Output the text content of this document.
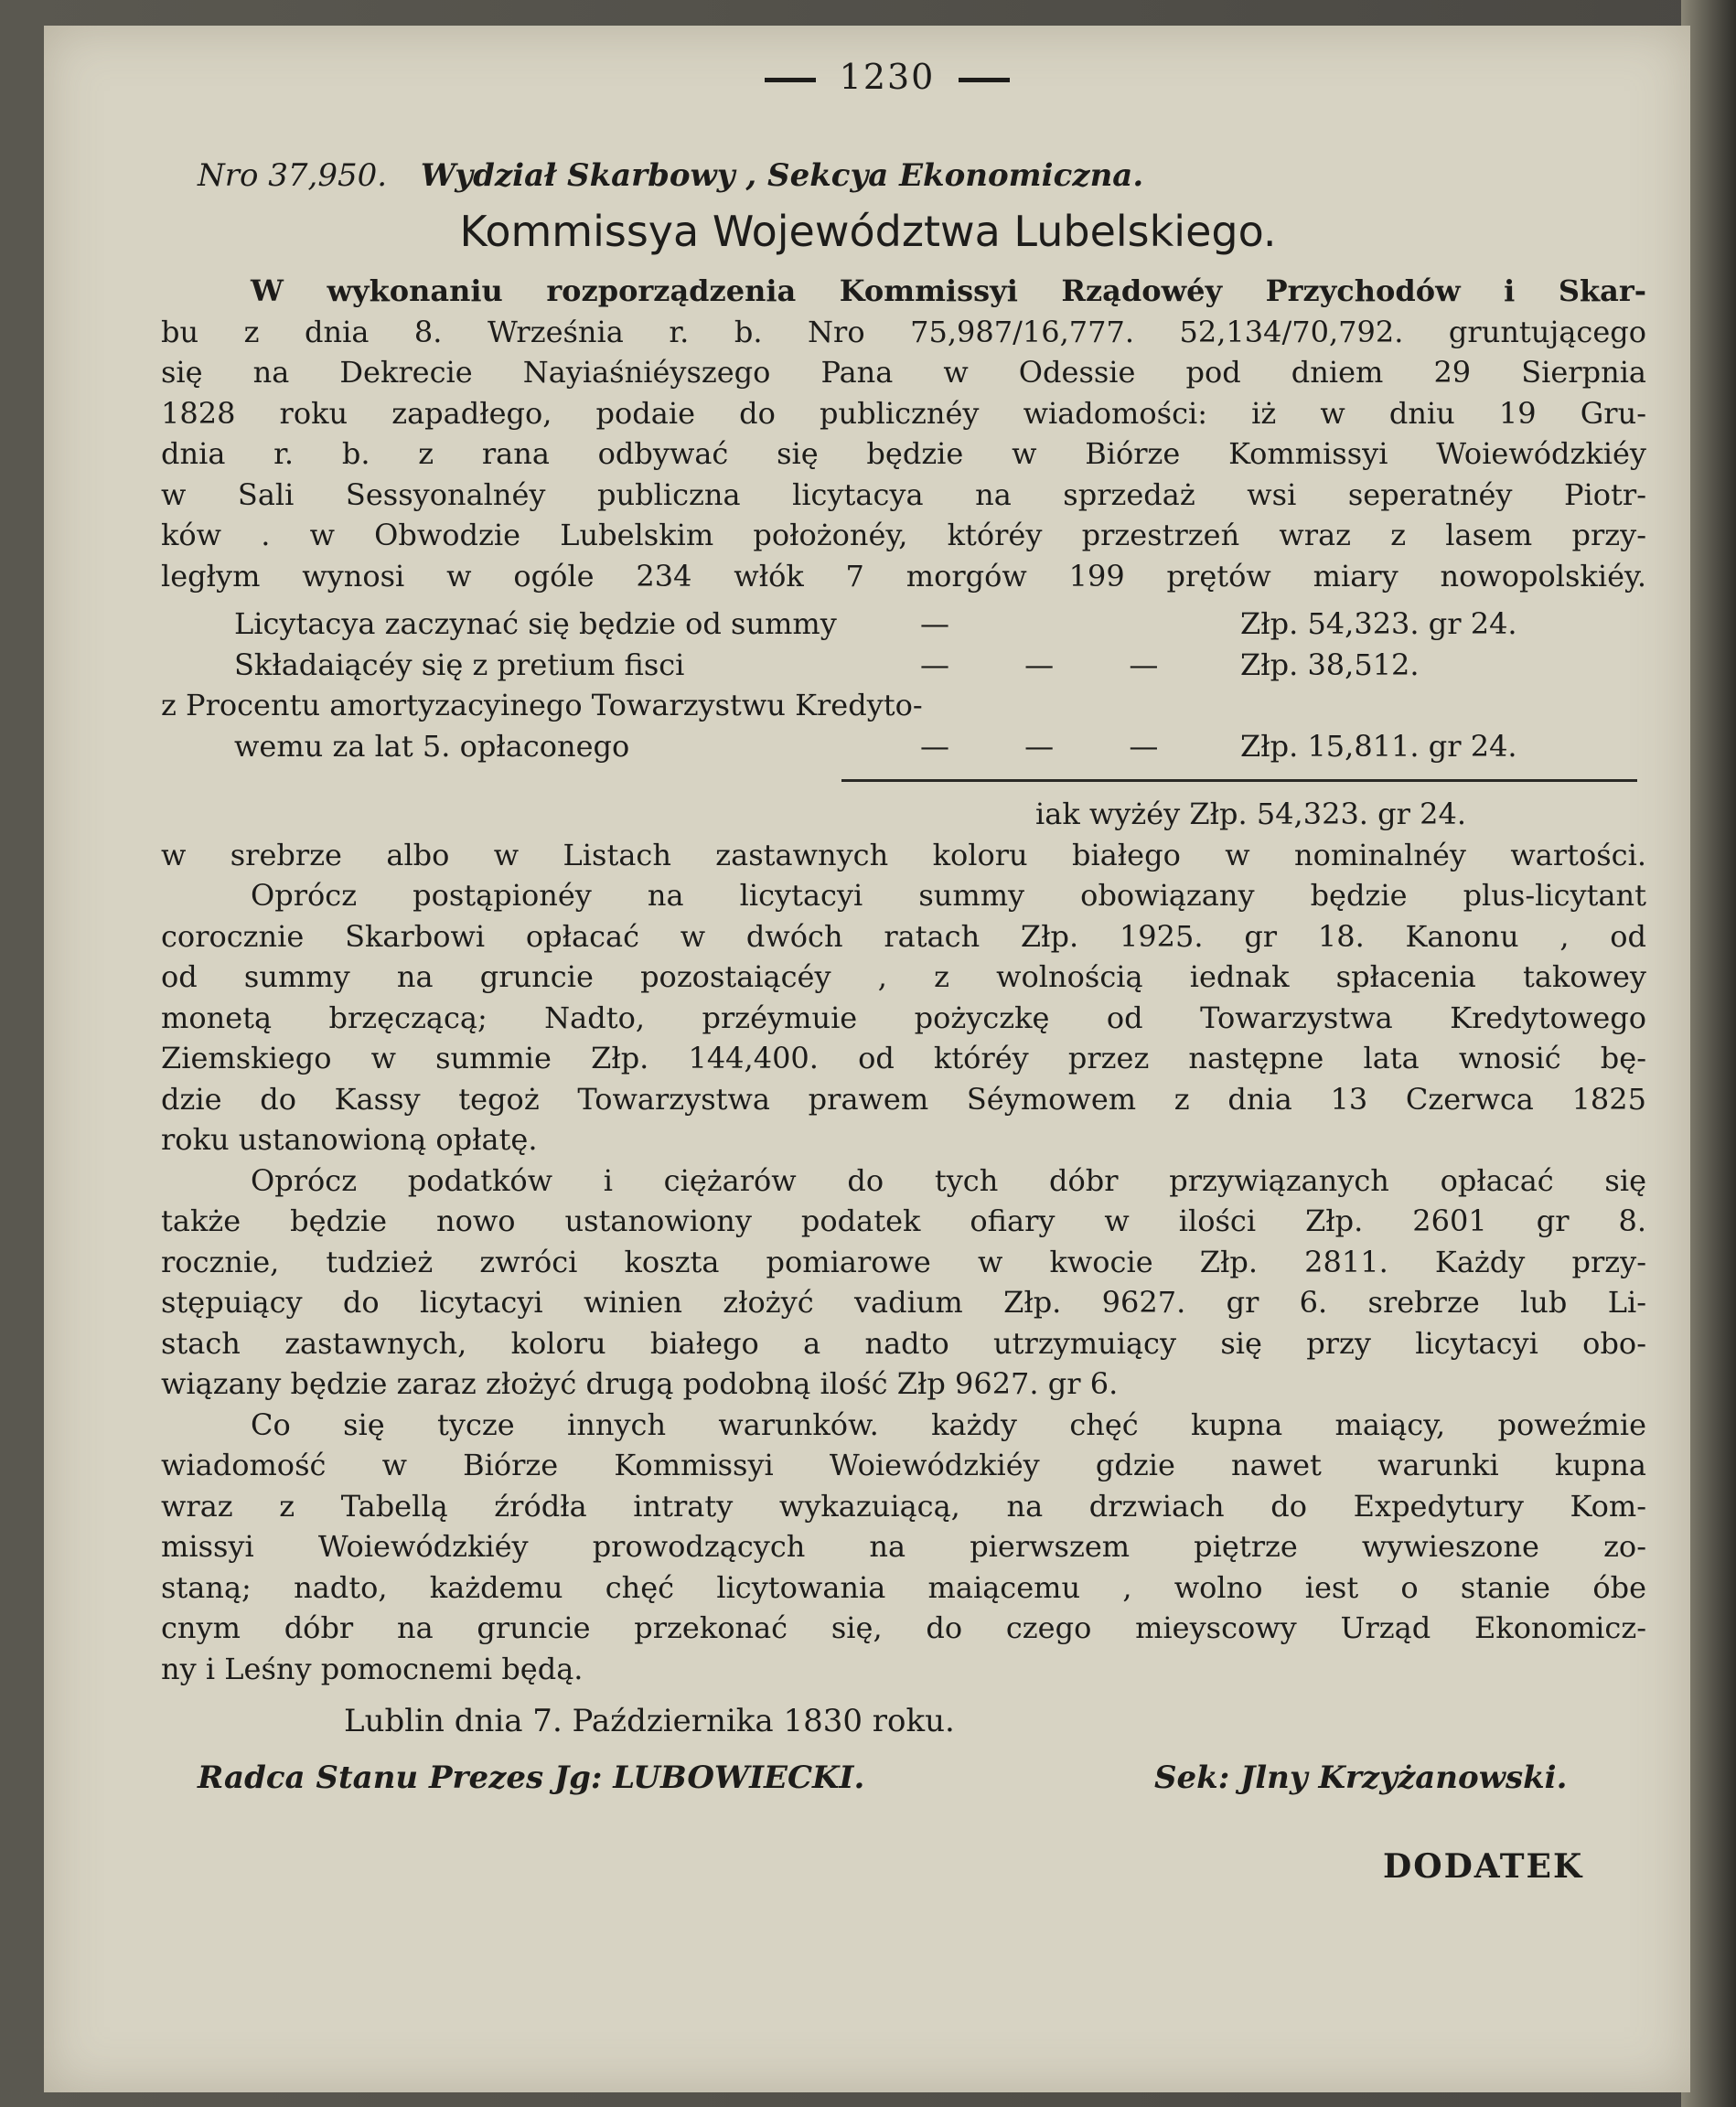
1230
Nro 37,950. Wydział Skarbowy , Sekcya Ekonomiczna.
Kommissya Województwa Lubelskiego.
W wykonaniu rozporządzenia Kommissyi Rządowéy Przychodów i Skar-
bu z dnia 8. Września r. b. Nro 75,987/16,777. 52,134/70,792. gruntującego
się na Dekrecie Nayiaśniéyszego Pana w Odessie pod dniem 29 Sierpnia
1828 roku zapadłego, podaie do publicznéy wiadomości: iż w dniu 19 Gru-
dnia r. b. z rana odbywać się będzie w Biórze Kommissyi Woiewódzkiéy
w Sali Sessyonalnéy publiczna licytacya na sprzedaż wsi seperatnéy Piotr-
ków . w Obwodzie Lubelskim położonéy, któréy przestrzeń wraz z lasem przy-
ległym wynosi w ogóle 234 włók 7 morgów 199 prętów miary nowopolskiéy.
Licytacya zaczynać się będzie od summy	—	Złp. 54,323. gr 24.
Składaiącéy się z pretium fisci	— — — Złp. 38,512.
z Procentu amortyzacyinego Towarzystwu Kredyto-
wemu za lat 5. opłaconego	— — — Złp. 15,811. gr 24.
iak wyżéy Złp. 54,323. gr 24.
w srebrze albo w Listach zastawnych koloru białego w nominalnéy wartości.
Oprócz postąpionéy na licytacyi summy obowiązany będzie plus-licytant
corocznie Skarbowi opłacać w dwóch ratach Złp. 1925. gr 18. Kanonu , od
od summy na gruncie pozostaiącéy , z wolnością iednak spłacenia takowey
monetą brzęczącą; Nadto, przéymuie pożyczkę od Towarzystwa Kredytowego
Ziemskiego w summie Złp. 144,400. od któréy przez następne lata wnosić bę-
dzie do Kassy tegoż Towarzystwa prawem Séymowem z dnia 13 Czerwca 1825
roku ustanowioną opłatę.
Oprócz podatków i ciężarów do tych dóbr przywiązanych opłacać się
także będzie nowo ustanowiony podatek ofiary w ilości Złp. 2601 gr 8.
rocznie, tudzież zwróci koszta pomiarowe w kwocie Złp. 2811. Każdy przy-
stępuiący do licytacyi winien złożyć vadium Złp. 9627. gr 6. srebrze lub Li-
stach zastawnych, koloru białego a nadto utrzymuiący się przy licytacyi obo-
wiązany będzie zaraz złożyć drugą podobną ilość Złp 9627. gr 6.
Co się tycze innych warunków. każdy chęć kupna maiący, poweźmie
wiadomość w Biórze Kommissyi Woiewódzkiéy gdzie nawet warunki kupna
wraz z Tabellą źródła intraty wykazuiącą, na drzwiach do Expedytury Kom-
missyi Woiewódzkiéy prowodzących na pierwszem piętrze wywieszone zo-
staną; nadto, każdemu chęć licytowania maiącemu , wolno iest o stanie óbe
cnym dóbr na gruncie przekonać się, do czego mieyscowy Urząd Ekonomicz-
ny i Leśny pomocnemi będą.
Lublin dnia 7. Października 1830 roku.
Radca Stanu Prezes Jg: LUBOWIECKI.	Sek: Jlny Krzyżanowski.
DODATEK
